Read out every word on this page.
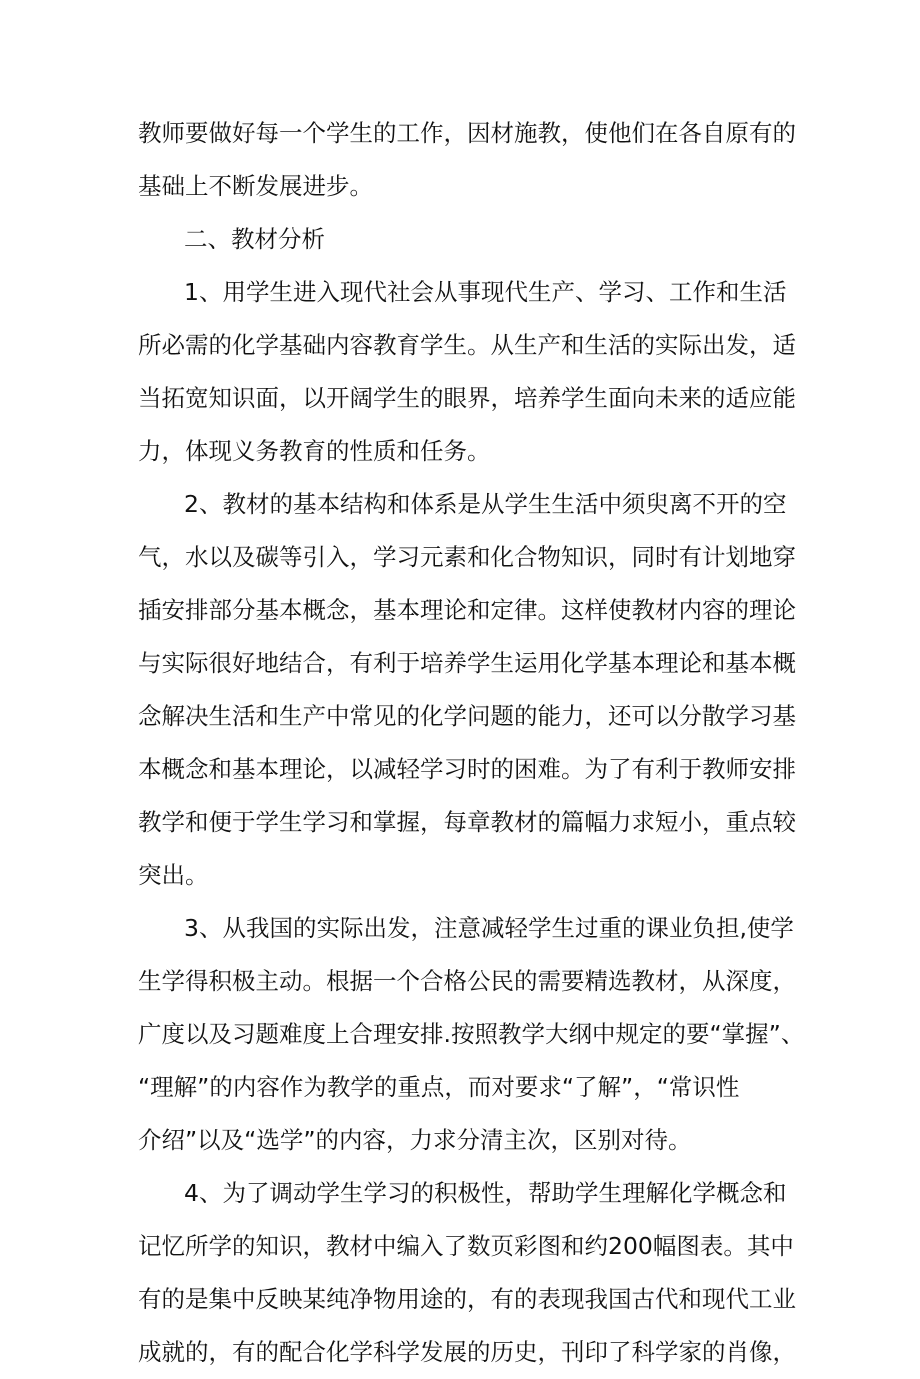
教师要做好每一个学生的工作，因材施教，使他们在各自原有的
基础上不断发展进步。
二、教材分析
1、用学生进入现代社会从事现代生产、学习、工作和生活
所必需的化学基础内容教育学生。从生产和生活的实际出发，适
当拓宽知识面，以开阔学生的眼界，培养学生面向未来的适应能
力，体现义务教育的性质和任务。
2、教材的基本结构和体系是从学生生活中须臾离不开的空
气，水以及碳等引入，学习元素和化合物知识，同时有计划地穿
插安排部分基本概念，基本理论和定律。这样使教材内容的理论
与实际很好地结合，有利于培养学生运用化学基本理论和基本概
念解决生活和生产中常见的化学问题的能力，还可以分散学习基
本概念和基本理论，以减轻学习时的困难。为了有利于教师安排
教学和便于学生学习和掌握，每章教材的篇幅力求短小，重点较
突出。
3、从我国的实际出发，注意减轻学生过重的课业负担,使学
生学得积极主动。根据一个合格公民的需要精选教材，从深度，
广度以及习题难度上合理安排.按照教学大纲中规定的要“掌握”、
“理解”的内容作为教学的重点，而对要求“了解”，“常识性
介绍”以及“选学”的内容，力求分清主次，区别对待。
4、为了调动学生学习的积极性，帮助学生理解化学概念和
记忆所学的知识，教材中编入了数页彩图和约200幅图表。其中
有的是集中反映某纯净物用途的，有的表现我国古代和现代工业
成就的，有的配合化学科学发展的历史，刊印了科学家的肖像，
